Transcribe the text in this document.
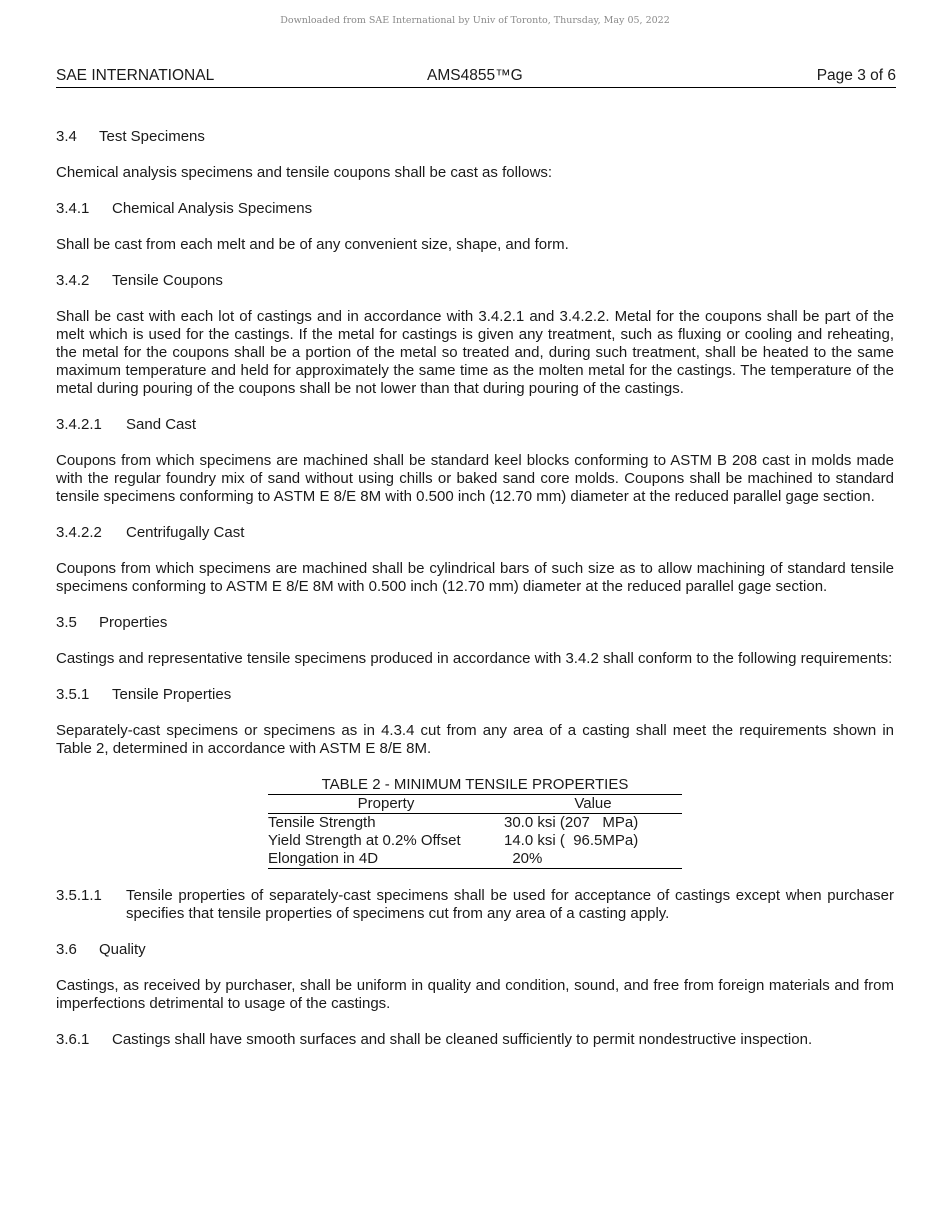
Downloaded from SAE International by Univ of Toronto, Thursday, May 05, 2022
SAE INTERNATIONAL	AMS4855™G	Page 3 of 6

3.4 Test Specimens

Chemical analysis specimens and tensile coupons shall be cast as follows:

3.4.1 Chemical Analysis Specimens

Shall be cast from each melt and be of any convenient size, shape, and form.

3.4.2 Tensile Coupons

Shall be cast with each lot of castings and in accordance with 3.4.2.1 and 3.4.2.2. Metal for the coupons shall be part of the melt which is used for the castings. If the metal for castings is given any treatment, such as fluxing or cooling and reheating, the metal for the coupons shall be a portion of the metal so treated and, during such treatment, shall be heated to the same maximum temperature and held for approximately the same time as the molten metal for the castings. The temperature of the metal during pouring of the coupons shall be not lower than that during pouring of the castings.

3.4.2.1 Sand Cast

Coupons from which specimens are machined shall be standard keel blocks conforming to ASTM B 208 cast in molds made with the regular foundry mix of sand without using chills or baked sand core molds. Coupons shall be machined to standard tensile specimens conforming to ASTM E 8/E 8M with 0.500 inch (12.70 mm) diameter at the reduced parallel gage section.

3.4.2.2 Centrifugally Cast

Coupons from which specimens are machined shall be cylindrical bars of such size as to allow machining of standard tensile specimens conforming to ASTM E 8/E 8M with 0.500 inch (12.70 mm) diameter at the reduced parallel gage section.

3.5 Properties

Castings and representative tensile specimens produced in accordance with 3.4.2 shall conform to the following requirements:

3.5.1 Tensile Properties

Separately-cast specimens or specimens as in 4.3.4 cut from any area of a casting shall meet the requirements shown in Table 2, determined in accordance with ASTM E 8/E 8M.

TABLE 2 - MINIMUM TENSILE PROPERTIES
Property	Value
Tensile Strength	30.0 ksi (207   MPa)
Yield Strength at 0.2% Offset	14.0 ksi (  96.5MPa)
Elongation in 4D	20%

3.5.1.1 Tensile properties of separately-cast specimens shall be used for acceptance of castings except when purchaser specifies that tensile properties of specimens cut from any area of a casting apply.

3.6 Quality

Castings, as received by purchaser, shall be uniform in quality and condition, sound, and free from foreign materials and from imperfections detrimental to usage of the castings.

3.6.1 Castings shall have smooth surfaces and shall be cleaned sufficiently to permit nondestructive inspection.
